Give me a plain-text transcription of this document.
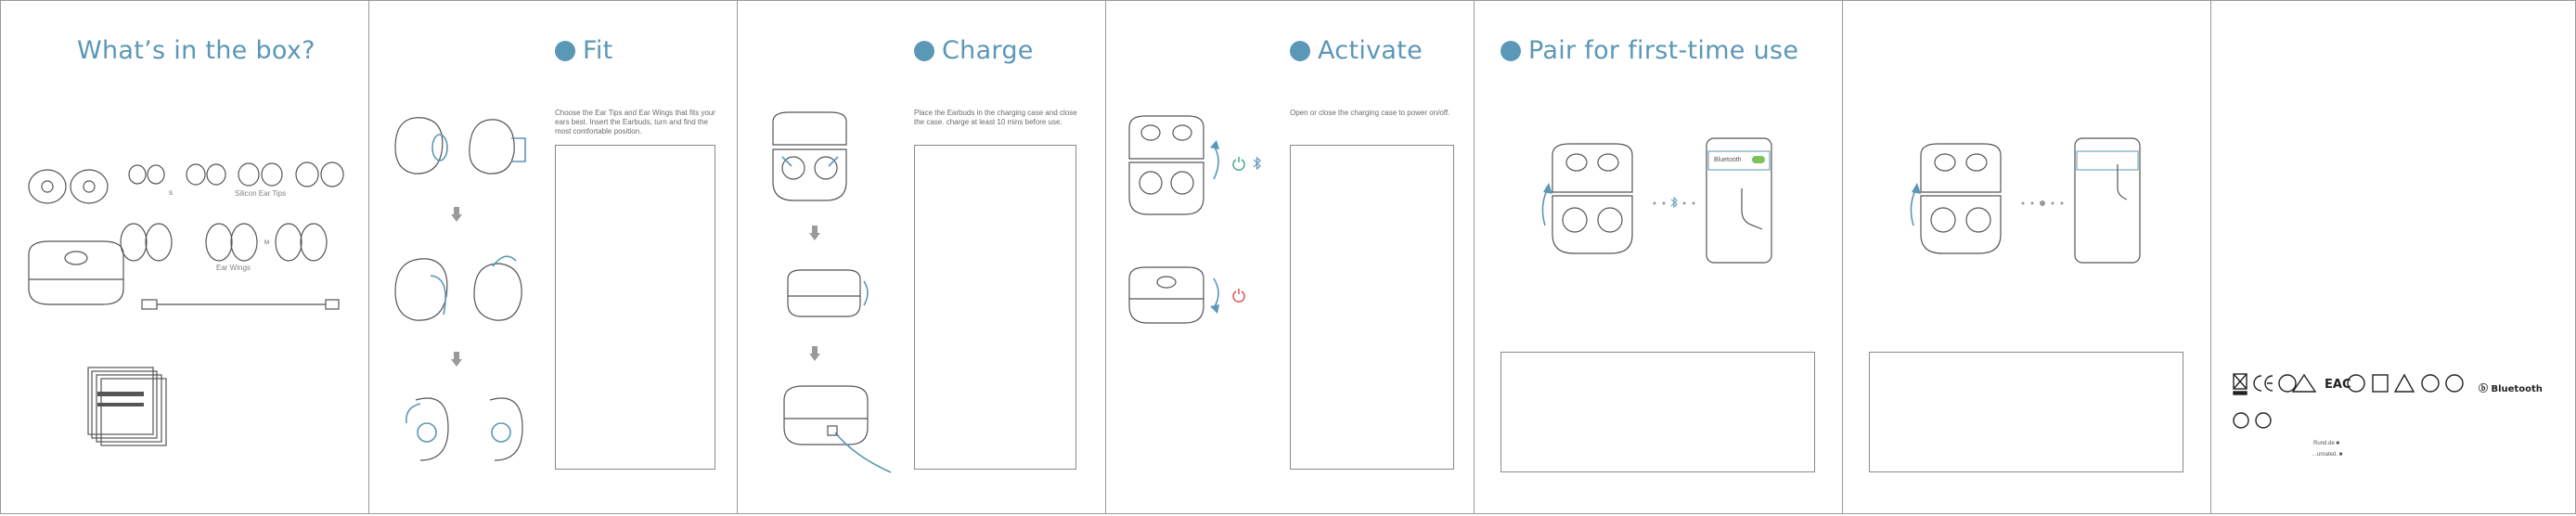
What’s in the box?
S	Silicon Ear Tips
M
Ear Wings
Fit
Choose the Ear Tips and Ear Wings that fits your ears best. Insert the Earbuds, turn and find the most comfortable position.
Charge
Place the Earbuds in the charging case and close the case. charge at least 10 mins before use.
Activate
Open or close the charging case to power on/off.
Pair for first-time use
Bluetooth
EAC	ⓑ Bluetooth
Rund.de ■
…unrated. ■
